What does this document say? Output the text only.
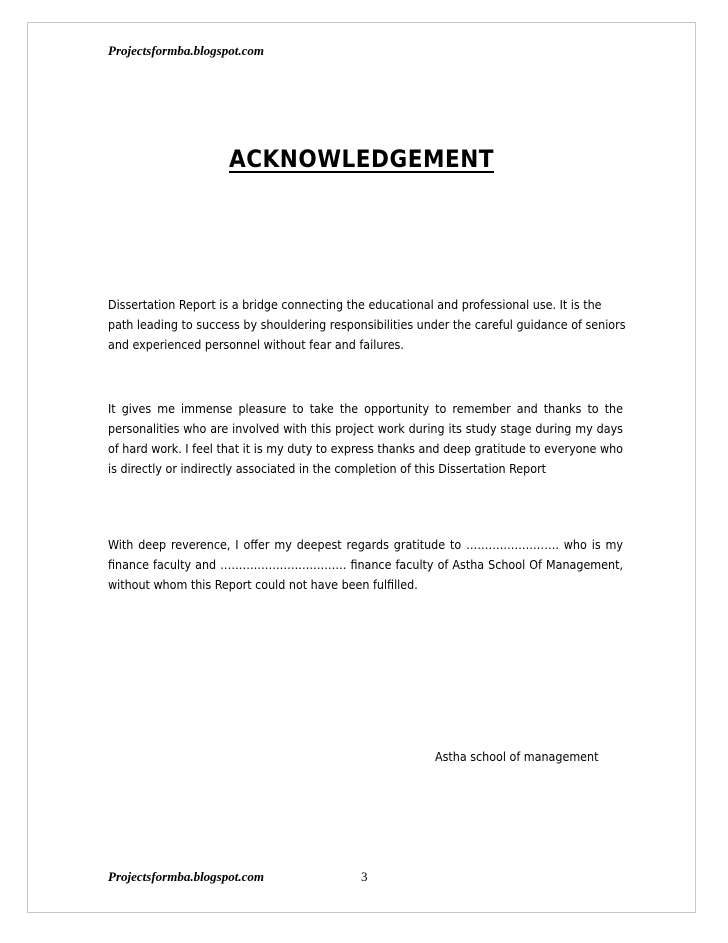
Projectsformba.blogspot.com
ACKNOWLEDGEMENT

Dissertation Report is a bridge connecting the educational and professional use. It is the path leading to success by shouldering responsibilities under the careful guidance of seniors and experienced personnel without fear and failures.

It gives me immense pleasure to take the opportunity to remember and thanks to the personalities who are involved with this project work during its study stage during my days of hard work. I feel that it is my duty to express thanks and deep gratitude to everyone who is directly or indirectly associated in the completion of this Dissertation Report

With deep reverence, I offer my deepest regards gratitude to ……………………. who is my finance faculty and ……………………………. finance faculty of Astha School Of Management, without whom this Report could not have been fulfilled.

Astha school of management
Projectsformba.blogspot.com	3
